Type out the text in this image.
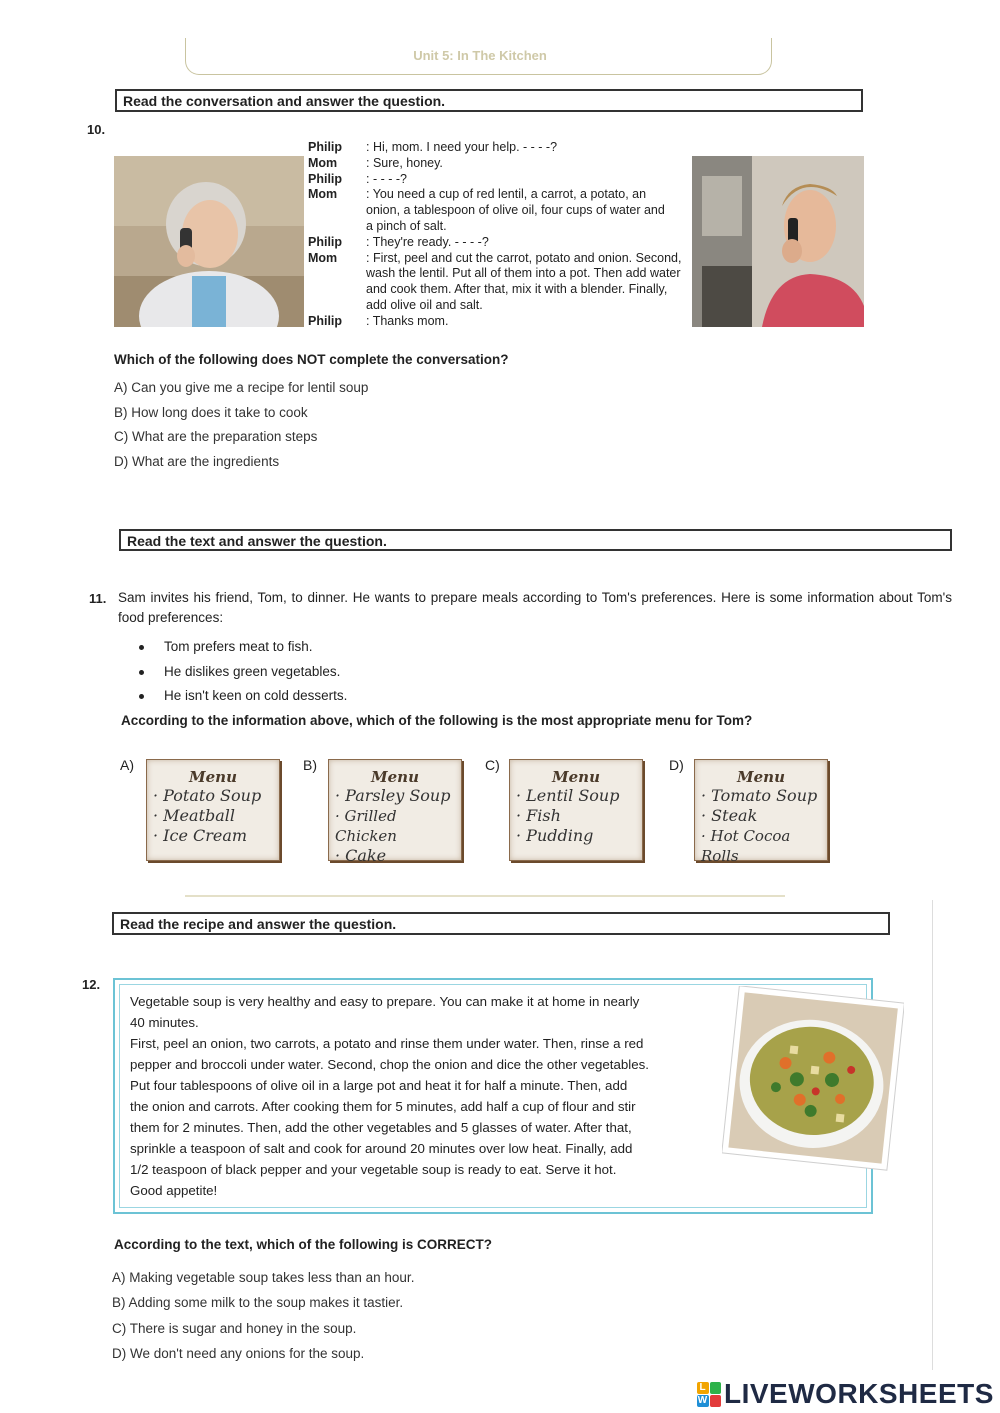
Unit 5: In The Kitchen
Read the conversation and answer the question.
10.
Philip	: Hi, mom. I need your help. - - - -?
Mom	: Sure, honey.
Philip	: - - - -?
Mom	: You need a cup of red lentil, a carrot, a potato, an onion, a tablespoon of olive oil, four cups of water and a pinch of salt.
Philip	: They're ready. - - - -?
Mom	: First, peel and cut the carrot, potato and onion. Second, wash the lentil. Put all of them into a pot. Then add water and cook them. After that, mix it with a blender. Finally, add olive oil and salt.
Philip	: Thanks mom.
Which of the following does NOT complete the conversation?
A) Can you give me a recipe for lentil soup
B) How long does it take to cook
C) What are the preparation steps
D) What are the ingredients
Read the text and answer the question.
11. Sam invites his friend, Tom, to dinner. He wants to prepare meals according to Tom's preferences. Here is some information about Tom's food preferences:
Tom prefers meat to fish.
He dislikes green vegetables.
He isn't keen on cold desserts.
According to the information above, which of the following is the most appropriate menu for Tom?
A)
Menu
· Potato Soup
· Meatball
· Ice Cream
B)
Menu
· Parsley Soup
· Grilled Chicken
· Cake
C)
Menu
· Lentil Soup
· Fish
· Pudding
D)
Menu
· Tomato Soup
· Steak
· Hot Cocoa Rolls
Read the recipe and answer the question.
12.
Vegetable soup is very healthy and easy to prepare. You can make it at home in nearly
40 minutes.
First, peel an onion, two carrots, a potato and rinse them under water. Then, rinse a red
pepper and broccoli under water. Second, chop the onion and dice the other vegetables.
Put four tablespoons of olive oil in a large pot and heat it for half a minute. Then, add
the onion and carrots. After cooking them for 5 minutes, add half a cup of flour and stir
them for 2 minutes. Then, add the other vegetables and 5 glasses of water. After that,
sprinkle a teaspoon of salt and cook for around 20 minutes over low heat. Finally, add
1/2 teaspoon of black pepper and your vegetable soup is ready to eat. Serve it hot.
Good appetite!
According to the text, which of the following is CORRECT?
A) Making vegetable soup takes less than an hour.
B) Adding some milk to the soup makes it tastier.
C) There is sugar and honey in the soup.
D) We don't need any onions for the soup.
L
W LIVEWORKSHEETS
